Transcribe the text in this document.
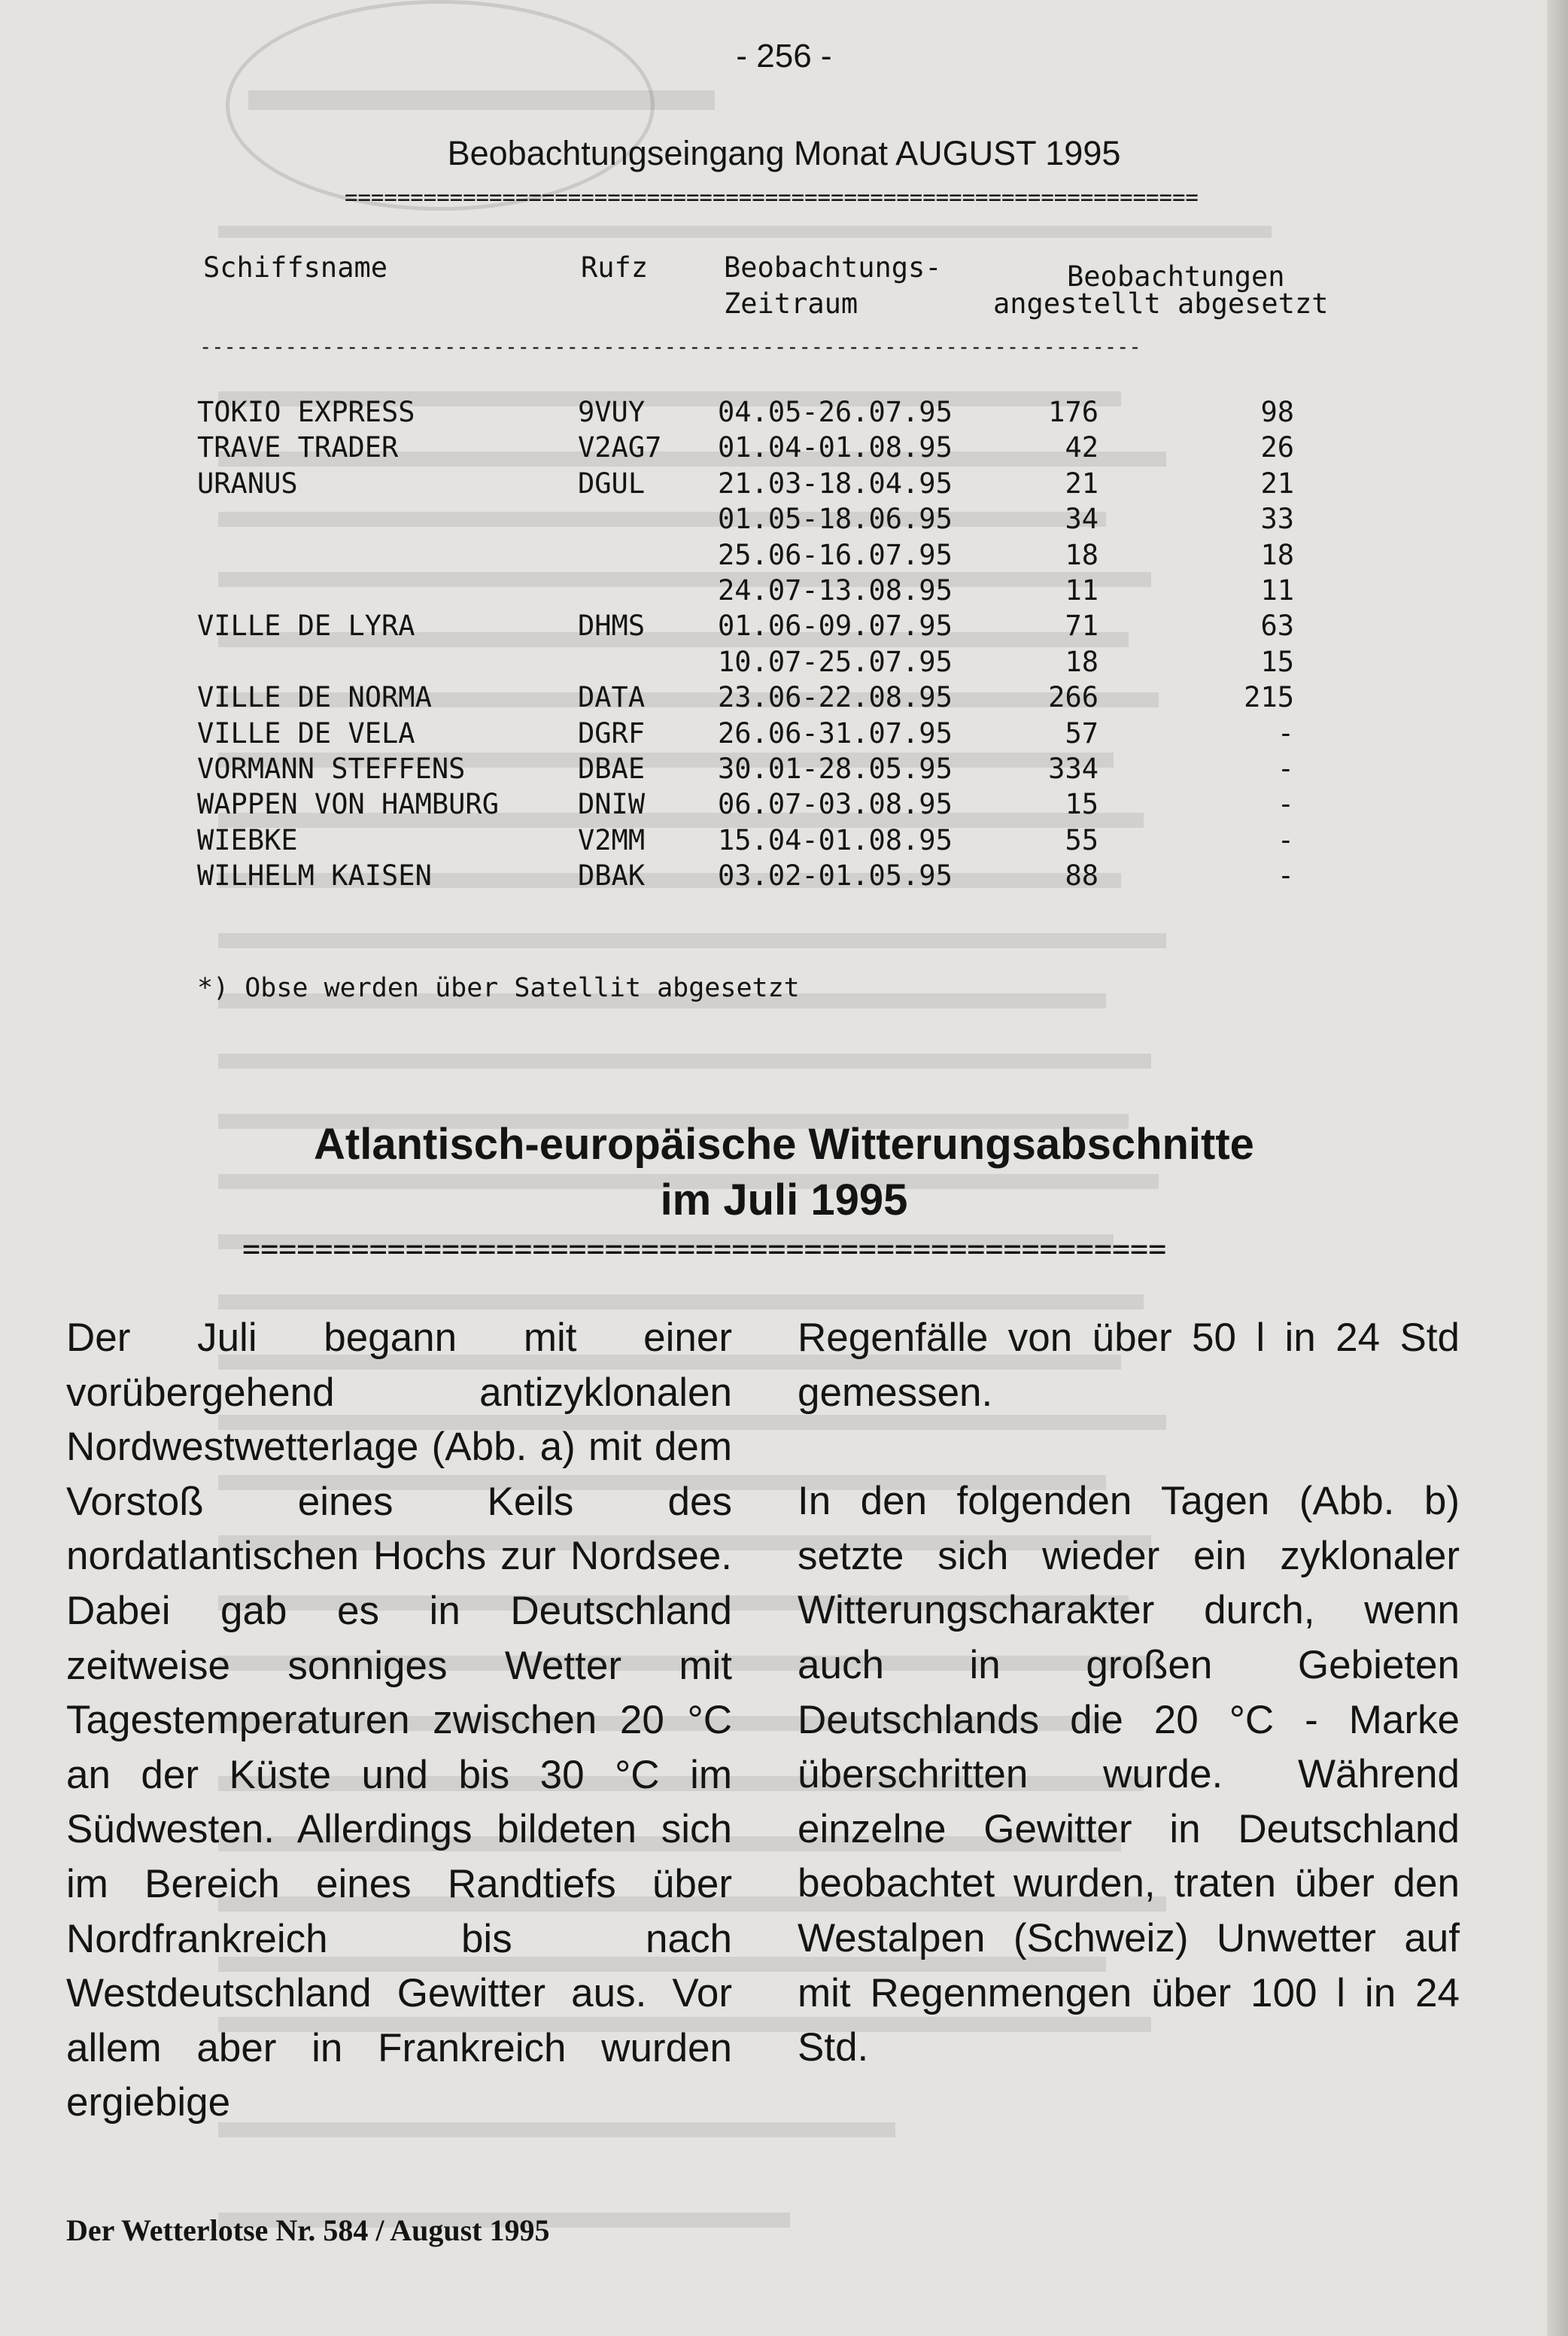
- 256 -
Beobachtungseingang Monat AUGUST 1995
=================================================================
Schiffsname	Rufz	Beobachtungs-
Zeitraum
Beobachtungen
angestellt abgesetzt
-----------------------------------------------------------------------------
TOKIO EXPRESS	9VUY	04.05-26.07.95	176	98
TRAVE TRADER	V2AG7 01.04-01.08.95	42	26
URANUS	DGUL	21.03-18.04.95	21	21
01.05-18.06.95	34	33
25.06-16.07.95	18	18
24.07-13.08.95	11	11
VILLE DE LYRA	DHMS	01.06-09.07.95	71	63
10.07-25.07.95	18	15
VILLE DE NORMA	DATA	23.06-22.08.95	266	215
VILLE DE VELA	DGRF	26.06-31.07.95	57	-
VORMANN STEFFENS	DBAE	30.01-28.05.95	334	-
WAPPEN VON HAMBURG	DNIW	06.07-03.08.95	15	-
WIEBKE	V2MM	15.04-01.08.95	55	-
WILHELM KAISEN	DBAK	03.02-01.05.95	88	-
*) Obse werden über Satellit abgesetzt
Atlantisch-europäische Witterungsabschnitte
im Juli 1995
===================================================

Der Juli begann mit einer vorübergehend antizyklonalen Nordwestwetterlage (Abb. a) mit dem Vorstoß eines Keils des nordatlantischen Hochs zur Nordsee. Dabei gab es in Deutschland zeitweise sonniges Wetter mit Tagestemperaturen zwischen 20 °C an der Küste und bis 30 °C im Südwesten. Allerdings bildeten sich im Bereich eines Randtiefs über Nordfrankreich bis nach Westdeutschland Gewitter aus. Vor allem aber in Frankreich wurden ergiebige

Regenfälle von über 50 l in 24 Std gemessen.

In den folgenden Tagen (Abb. b) setzte sich wieder ein zyklonaler Witterungscharakter durch, wenn auch in großen Gebieten Deutschlands die 20 °C - Marke überschritten wurde. Während einzelne Gewitter in Deutschland beobachtet wurden, traten über den Westalpen (Schweiz) Unwetter auf mit Regenmengen über 100 l in 24 Std.

Der Wetterlotse Nr. 584 / August 1995
